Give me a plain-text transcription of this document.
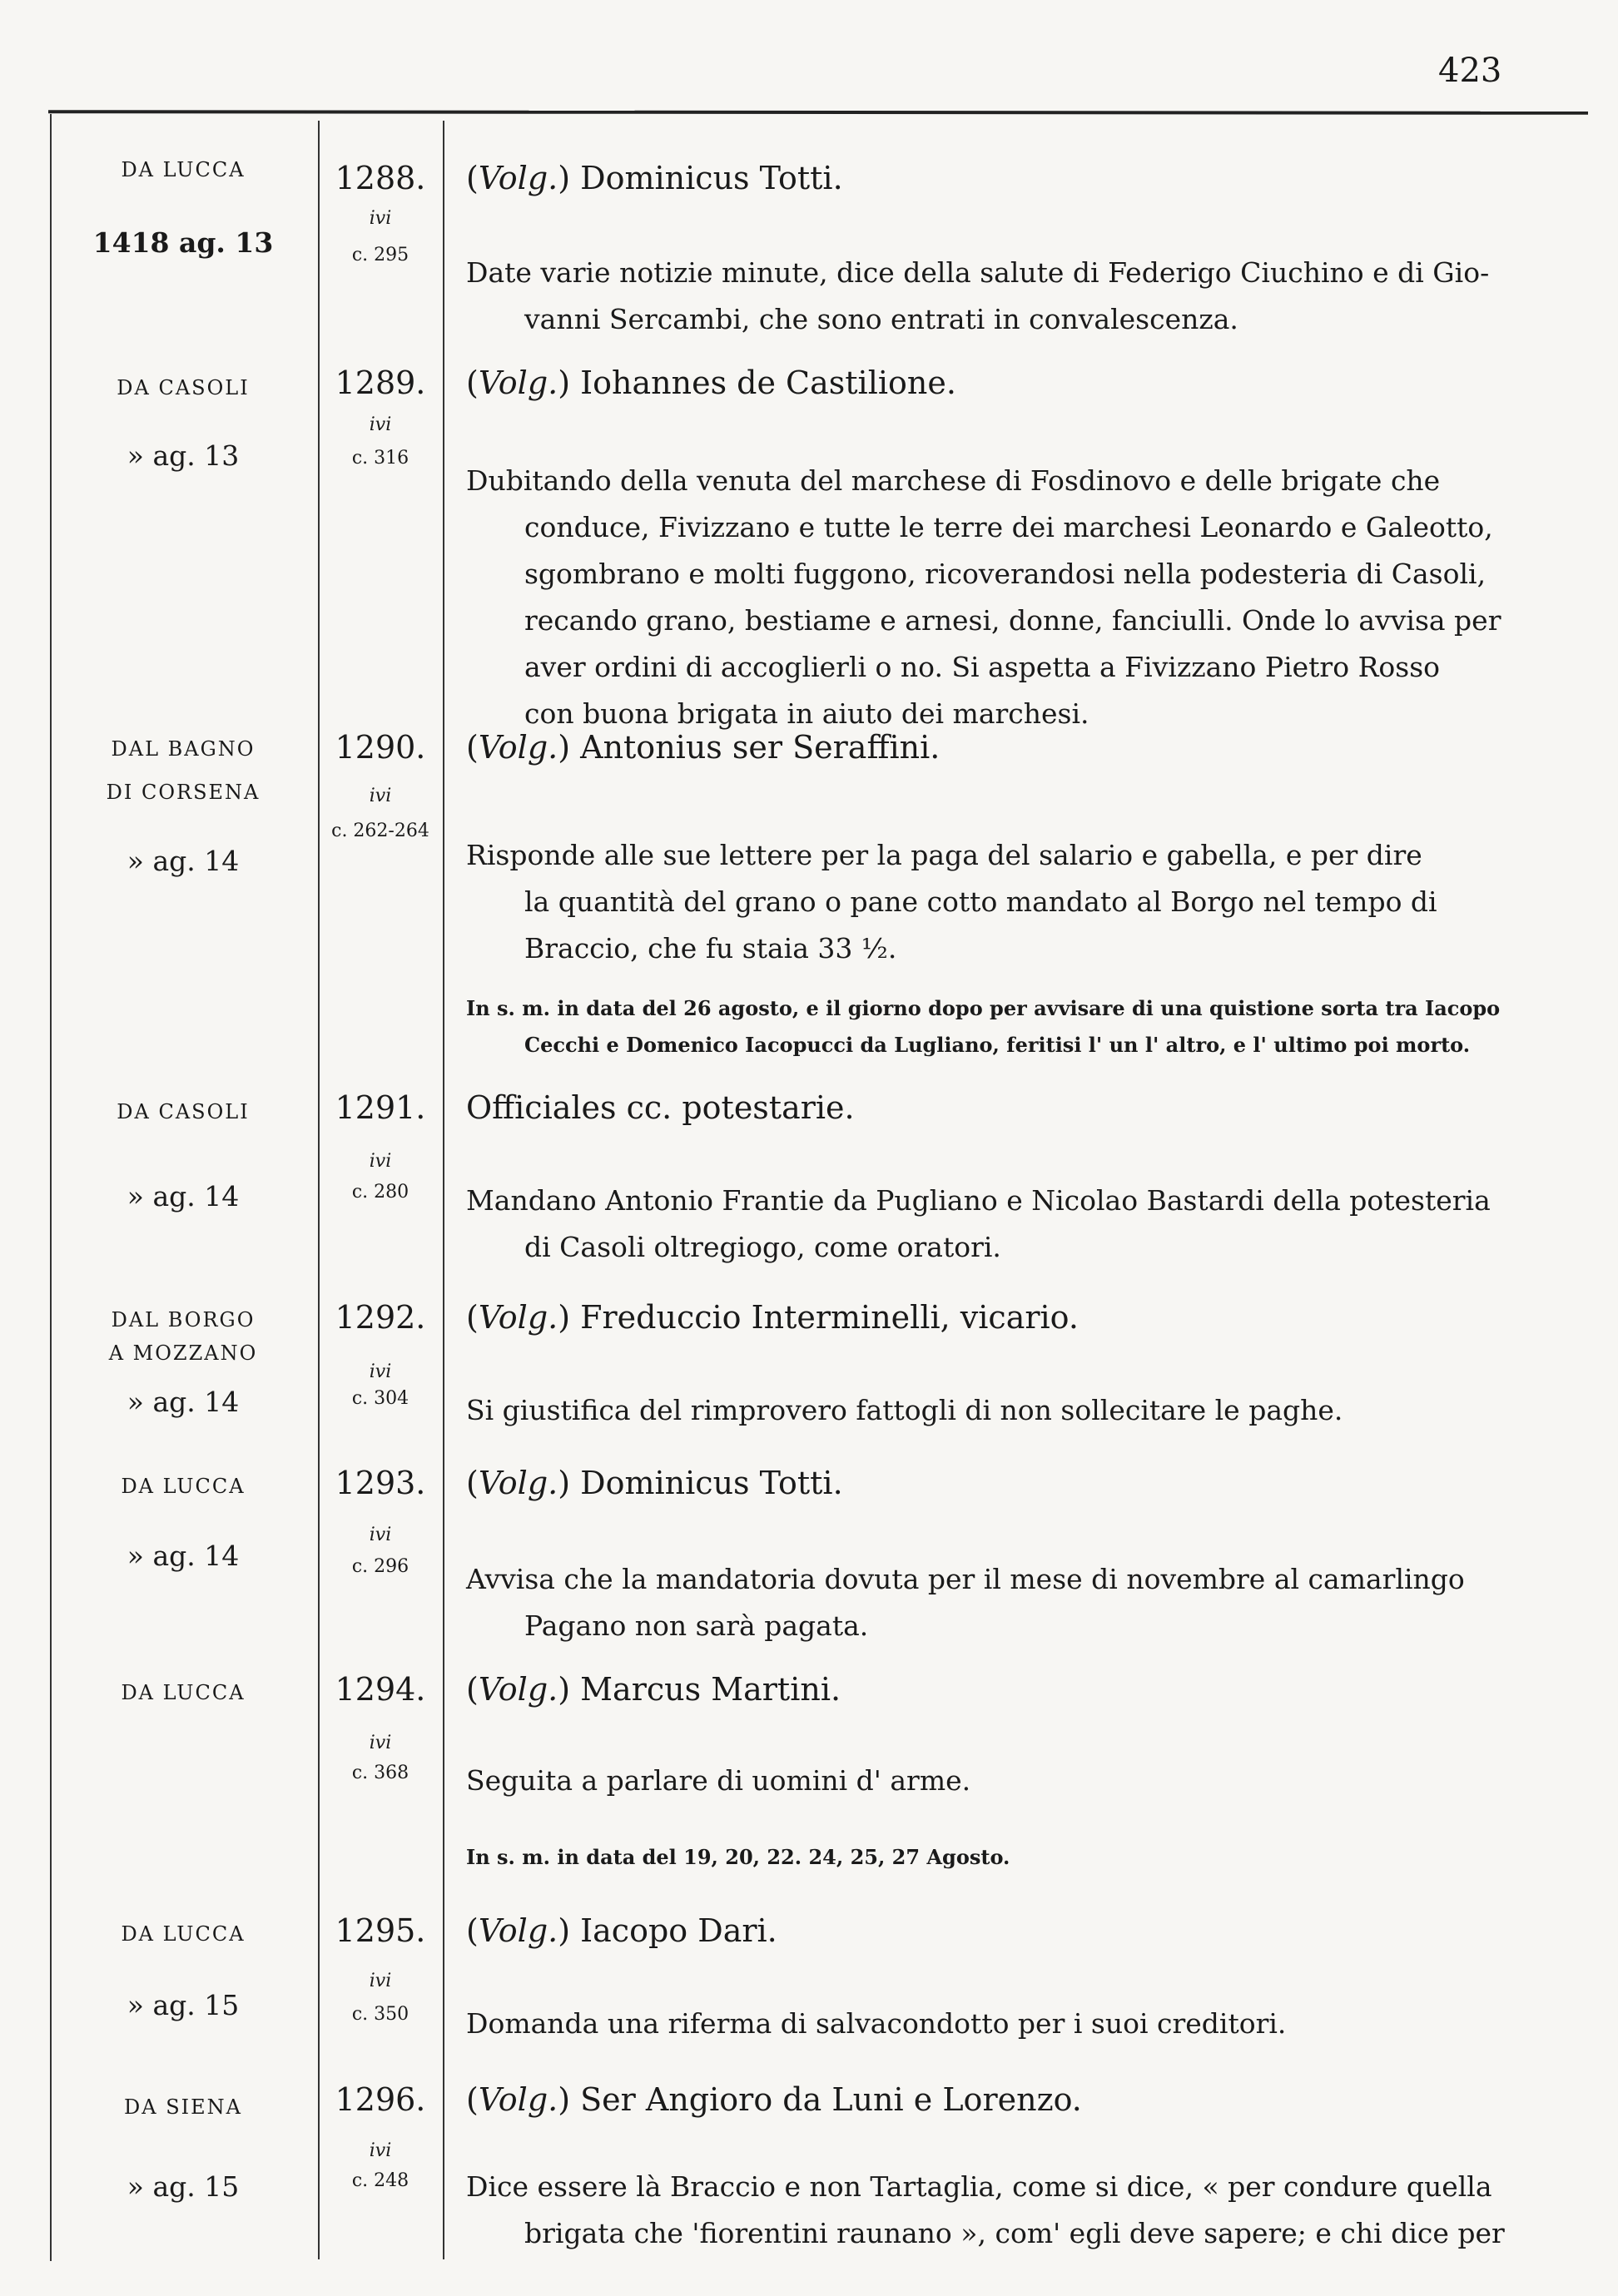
423
DA LUCCA
1418 ag. 13
1288.
ivi
c. 295
(Volg.) Dominicus Totti.
Date varie notizie minute, dice della salute di Federigo Ciuchino e di Gio-
vanni Sercambi, che sono entrati in convalescenza.
DA CASOLI
» ag. 13
1289.
ivi
c. 316
(Volg.) Iohannes de Castilione.
Dubitando della venuta del marchese di Fosdinovo e delle brigate che
conduce, Fivizzano e tutte le terre dei marchesi Leonardo e Galeotto,
sgombrano e molti fuggono, ricoverandosi nella podesteria di Casoli,
recando grano, bestiame e arnesi, donne, fanciulli. Onde lo avvisa per
aver ordini di accoglierli o no. Si aspetta a Fivizzano Pietro Rosso
con buona brigata in aiuto dei marchesi.
DAL BAGNO
DI CORSENA
» ag. 14
1290.
ivi
c. 262-264
(Volg.) Antonius ser Seraffini.
Risponde alle sue lettere per la paga del salario e gabella, e per dire
la quantità del grano o pane cotto mandato al Borgo nel tempo di
Braccio, che fu staia 33 ½.
In s. m. in data del 26 agosto, e il giorno dopo per avvisare di una quistione sorta tra Iacopo
Cecchi e Domenico Iacopucci da Lugliano, feritisi l' un l' altro, e l' ultimo poi morto.
DA CASOLI
» ag. 14
1291.
ivi
c. 280
Officiales cc. potestarie.
Mandano Antonio Frantie da Pugliano e Nicolao Bastardi della potesteria
di Casoli oltregiogo, come oratori.
DAL BORGO
A MOZZANO
» ag. 14
1292.
ivi
c. 304
(Volg.) Freduccio Interminelli, vicario.
Si giustifica del rimprovero fattogli di non sollecitare le paghe.
DA LUCCA
» ag. 14
1293.
ivi
c. 296
(Volg.) Dominicus Totti.
Avvisa che la mandatoria dovuta per il mese di novembre al camarlingo
Pagano non sarà pagata.
DA LUCCA	1294.
ivi
c. 368
(Volg.) Marcus Martini.
Seguita a parlare di uomini d' arme.
In s. m. in data del 19, 20, 22. 24, 25, 27 Agosto.
DA LUCCA
» ag. 15
1295.
ivi
c. 350
(Volg.) Iacopo Dari.
Domanda una riferma di salvacondotto per i suoi creditori.
DA SIENA
» ag. 15
1296.
ivi
c. 248
(Volg.) Ser Angioro da Luni e Lorenzo.
Dice essere là Braccio e non Tartaglia, come si dice, « per condure quella
brigata che 'fiorentini raunano », com' egli deve sapere; e chi dice per
